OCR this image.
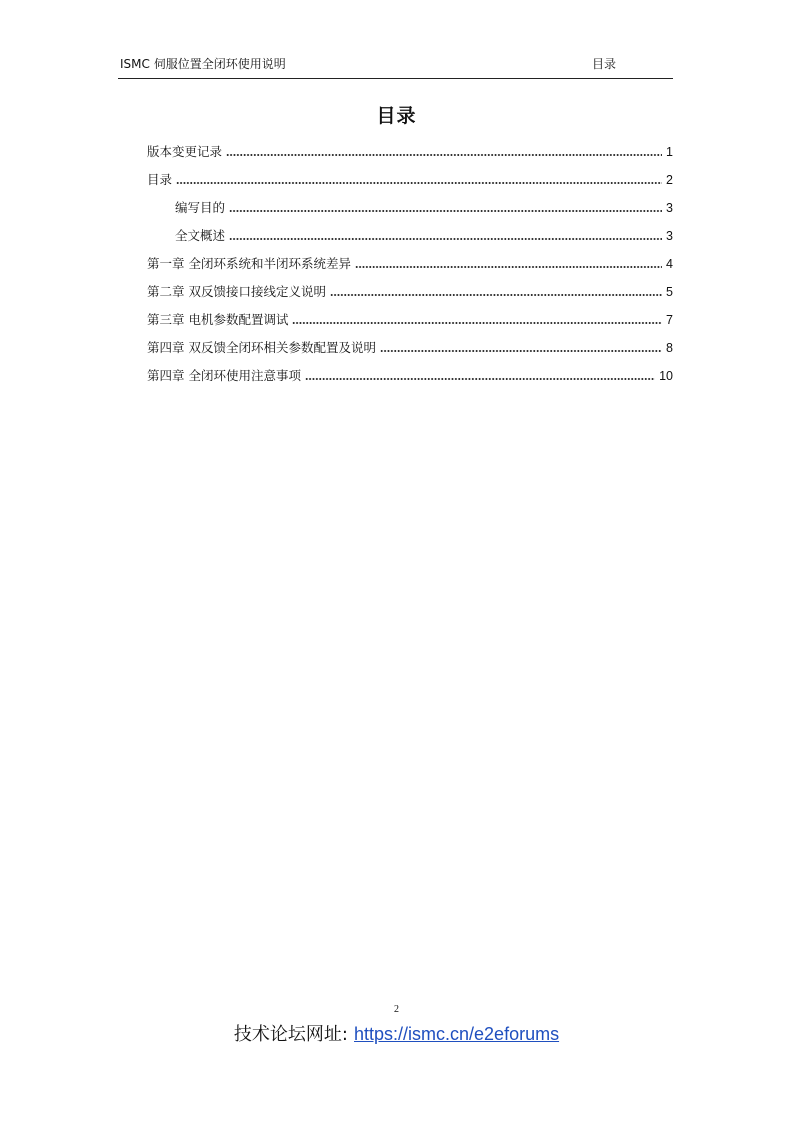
ISMC 伺服位置全闭环使用说明	目录
目录
版本变更记录	1
目录	2
编写目的	3
全文概述	3
第一章 全闭环系统和半闭环系统差异	4
第二章 双反馈接口接线定义说明	5
第三章 电机参数配置调试	7
第四章 双反馈全闭环相关参数配置及说明	8
第四章 全闭环使用注意事项	10
2
技术论坛网址: https://ismc.cn/e2eforums
